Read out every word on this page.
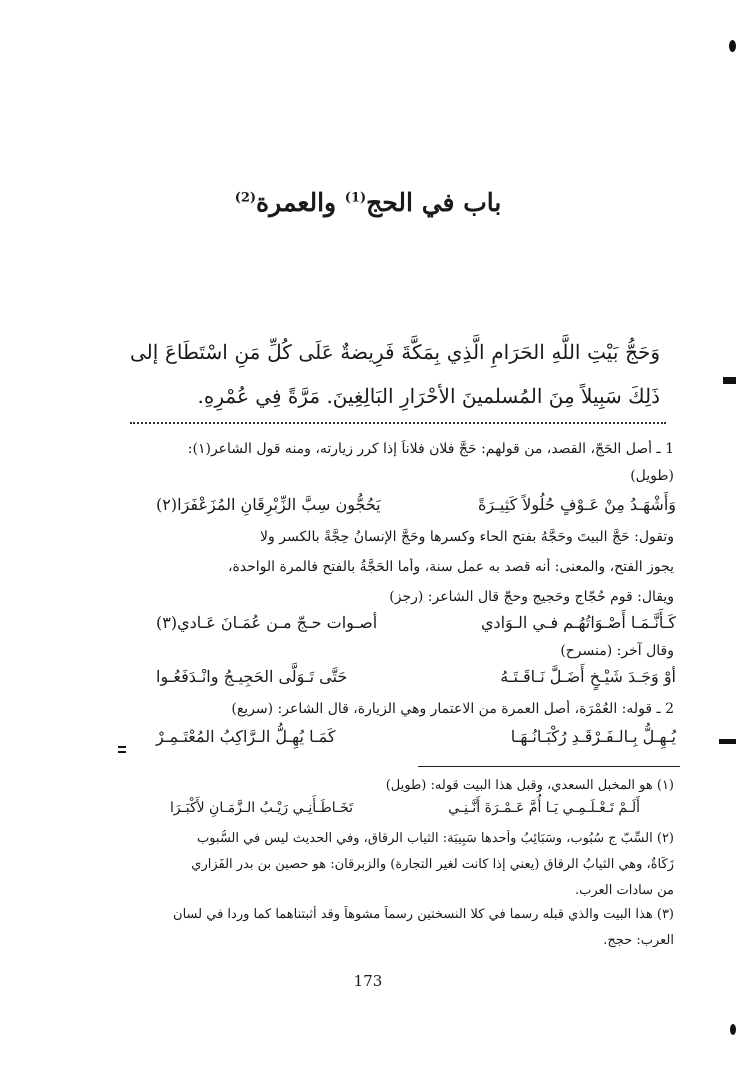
باب في الحج$^{(1)}$ والعمرة$^{(2)}$
وَحَجُّ بَيْتِ اللَّهِ الحَرَامِ الَّذِي بِمَكَّةَ فَرِيضةٌ عَلَى كُلِّ مَنِ اسْتَطَاعَ إلى
ذَلِكَ سَبِيلاً مِنَ المُسلمينَ الأحْرَارِ البَالِغِينَ. مَرَّةً فِي عُمْرِهِ.
1 ـ أصل الحَجّ، القصد، من قولهم: حَجَّ فلان فلاناً إذا كرر زيارته، ومنه قول الشاعر(١):
(طويل)
وَأَشْهَـدُ مِنْ عَـوْفٍ حُلُولاً كَثِيـرَةً
يَحُجُّون سِبَّ الزِّبْرِقَانِ المُزَعْفَرَا(٢)
وتقول: حَجَّ البيتَ وحَجَّهُ بفتح الحاء وكسرها وحَجَّ الإنسانُ حِجَّةً بالكسر ولا
يجوز الفتح، والمعنى: أنه قصد به عمل سنة، وأما الحَجَّةُ بالفتح فالمرة الواحدة،
ويقال: قوم حُجّاج وحَجيج وحجّ قال الشاعر: (رجز)
كَـأَنَّـمَـا أَصْـوَاتُهُـم فـي الـوَادي
أصـوات حـجّ مـن عُمَـانَ عَـادي(٣)
وقال آخر: (منسرح)
أوْ وَجَـدَ شَيْـخٍ أَضَـلَّ نَـاقَـتَـهُ
حَتَّى تَـوَلَّى الحَجِيـجُ وانْـدَفَعُـوا
2 ـ قوله: العُمْرَة، أصل العمرة من الاعتمار وهي الزيارة، قال الشاعر: (سريع)
يُـهِـلُّ بِـالـفَـرْقَـدِ رُكْبَـانُـهَـا
كَمَـا يُهِـلُّ الـرَّاكِبُ المُعْتَـمِـرْ
(١) هو المخبل السعدي، وقبل هذا البيت قوله: (طويل)
أَلَـمْ تَـعْـلَـمِـي يَـا أُمَّ عَـمْـرَةَ أَنَّـنِـي
تَخَـاطَـأَنِـي رَيْـبُ الـزَّمَـانِ لأَكْبَـرَا
(٢) السِّبّ ج سُبُوب، وسَبَائِبُ وأحدها سَبِيبَة: الثياب الرقاق، وفي الحديث ليس في السُّبوب
زَكَاةٌ، وهي الثيابُ الرقاق (يعني إذا كانت لغير التجارة) والزبرقان: هو حصين بن بدر الفَزاري
من سادات العرب.
(٣) هذا البيت والذي قبله رسما في كلا النسختين رسماً مشوهاً وقد أثبتناهما كما وردا في لسان
العرب: حجج.
173
